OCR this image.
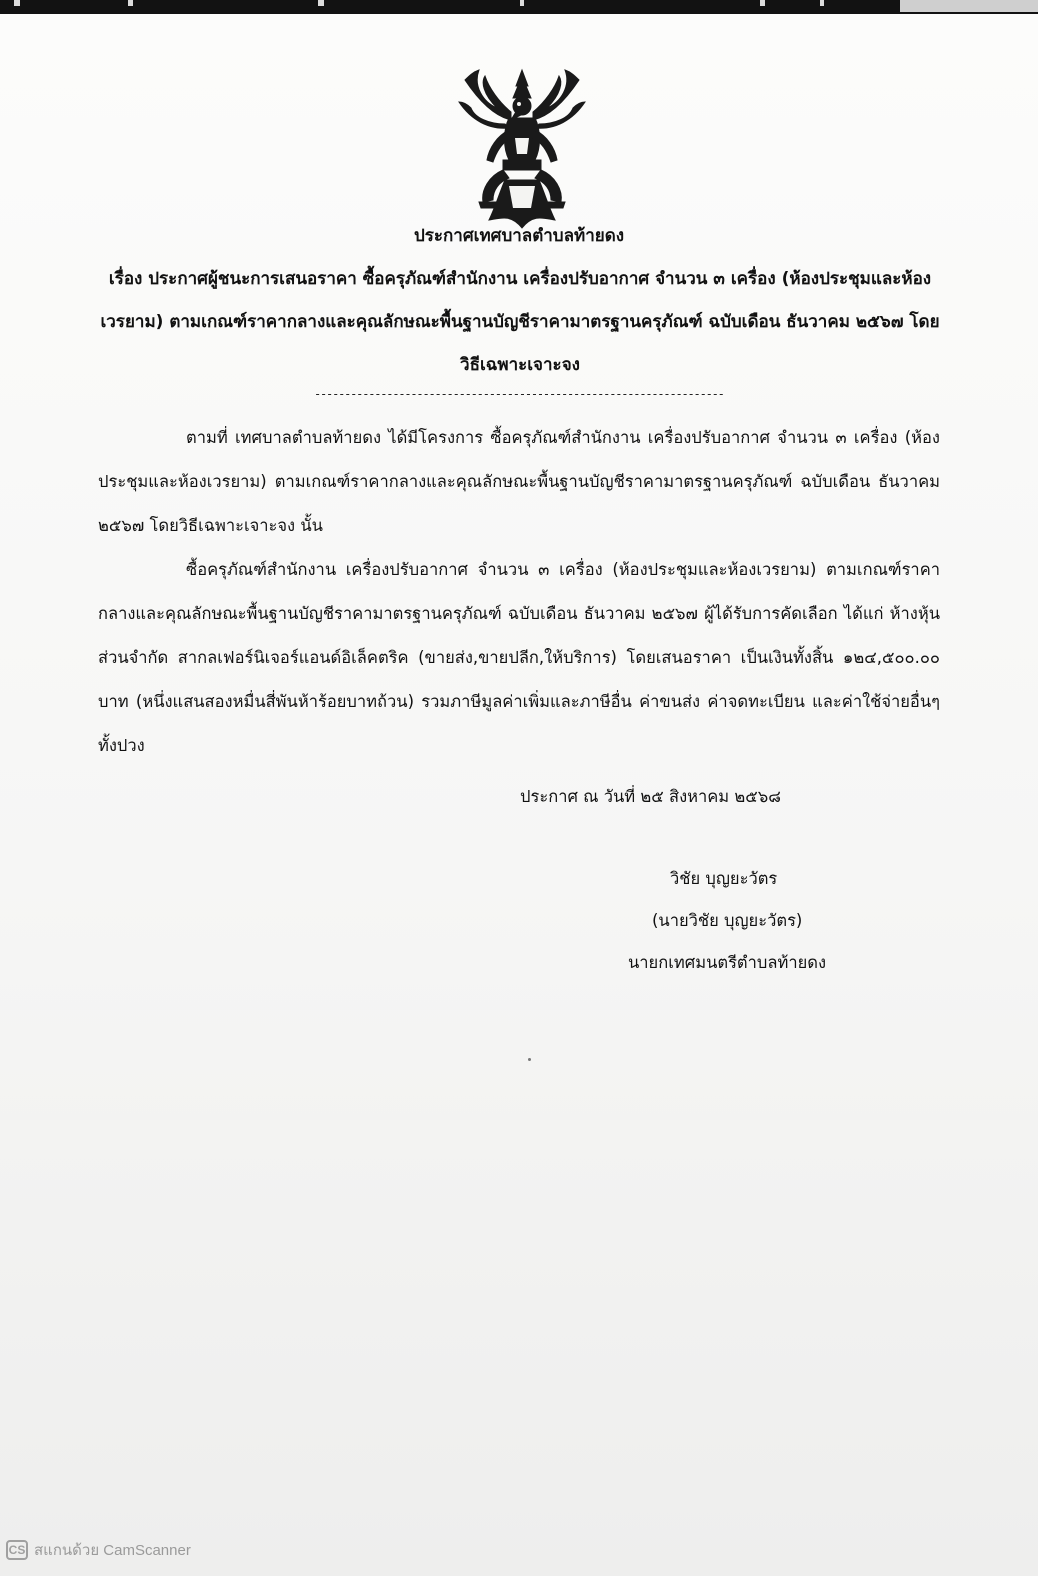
ประกาศเทศบาลตำบลท้ายดง

เรื่อง ประกาศผู้ชนะการเสนอราคา ซื้อครุภัณฑ์สำนักงาน เครื่องปรับอากาศ จำนวน ๓ เครื่อง (ห้องประชุมและห้องเวรยาม) ตามเกณฑ์ราคากลางและคุณลักษณะพื้นฐานบัญชีราคามาตรฐานครุภัณฑ์ ฉบับเดือน ธันวาคม ๒๕๖๗ โดยวิธีเฉพาะเจาะจง

--------------------------------------------------------------------

ตามที่ เทศบาลตำบลท้ายดง ได้มีโครงการ ซื้อครุภัณฑ์สำนักงาน เครื่องปรับอากาศ จำนวน ๓ เครื่อง (ห้องประชุมและห้องเวรยาม) ตามเกณฑ์ราคากลางและคุณลักษณะพื้นฐานบัญชีราคามาตรฐานครุภัณฑ์ ฉบับเดือน ธันวาคม ๒๕๖๗ โดยวิธีเฉพาะเจาะจง นั้น

ซื้อครุภัณฑ์สำนักงาน เครื่องปรับอากาศ จำนวน ๓ เครื่อง (ห้องประชุมและห้องเวรยาม) ตามเกณฑ์ราคากลางและคุณลักษณะพื้นฐานบัญชีราคามาตรฐานครุภัณฑ์ ฉบับเดือน ธันวาคม ๒๕๖๗ ผู้ได้รับการคัดเลือก ได้แก่ ห้างหุ้นส่วนจำกัด สากลเฟอร์นิเจอร์แอนด์อิเล็คตริค (ขายส่ง,ขายปลีก,ให้บริการ) โดยเสนอราคา เป็นเงินทั้งสิ้น ๑๒๔,๕๐๐.๐๐ บาท (หนึ่งแสนสองหมื่นสี่พันห้าร้อยบาทถ้วน) รวมภาษีมูลค่าเพิ่มและภาษีอื่น ค่าขนส่ง ค่าจดทะเบียน และค่าใช้จ่ายอื่นๆ ทั้งปวง

ประกาศ ณ วันที่ ๒๕ สิงหาคม ๒๕๖๘
วิชัย บุญยะวัตร
(นายวิชัย บุญยะวัตร)
นายกเทศมนตรีตำบลท้ายดง
CS สแกนด้วย CamScanner
